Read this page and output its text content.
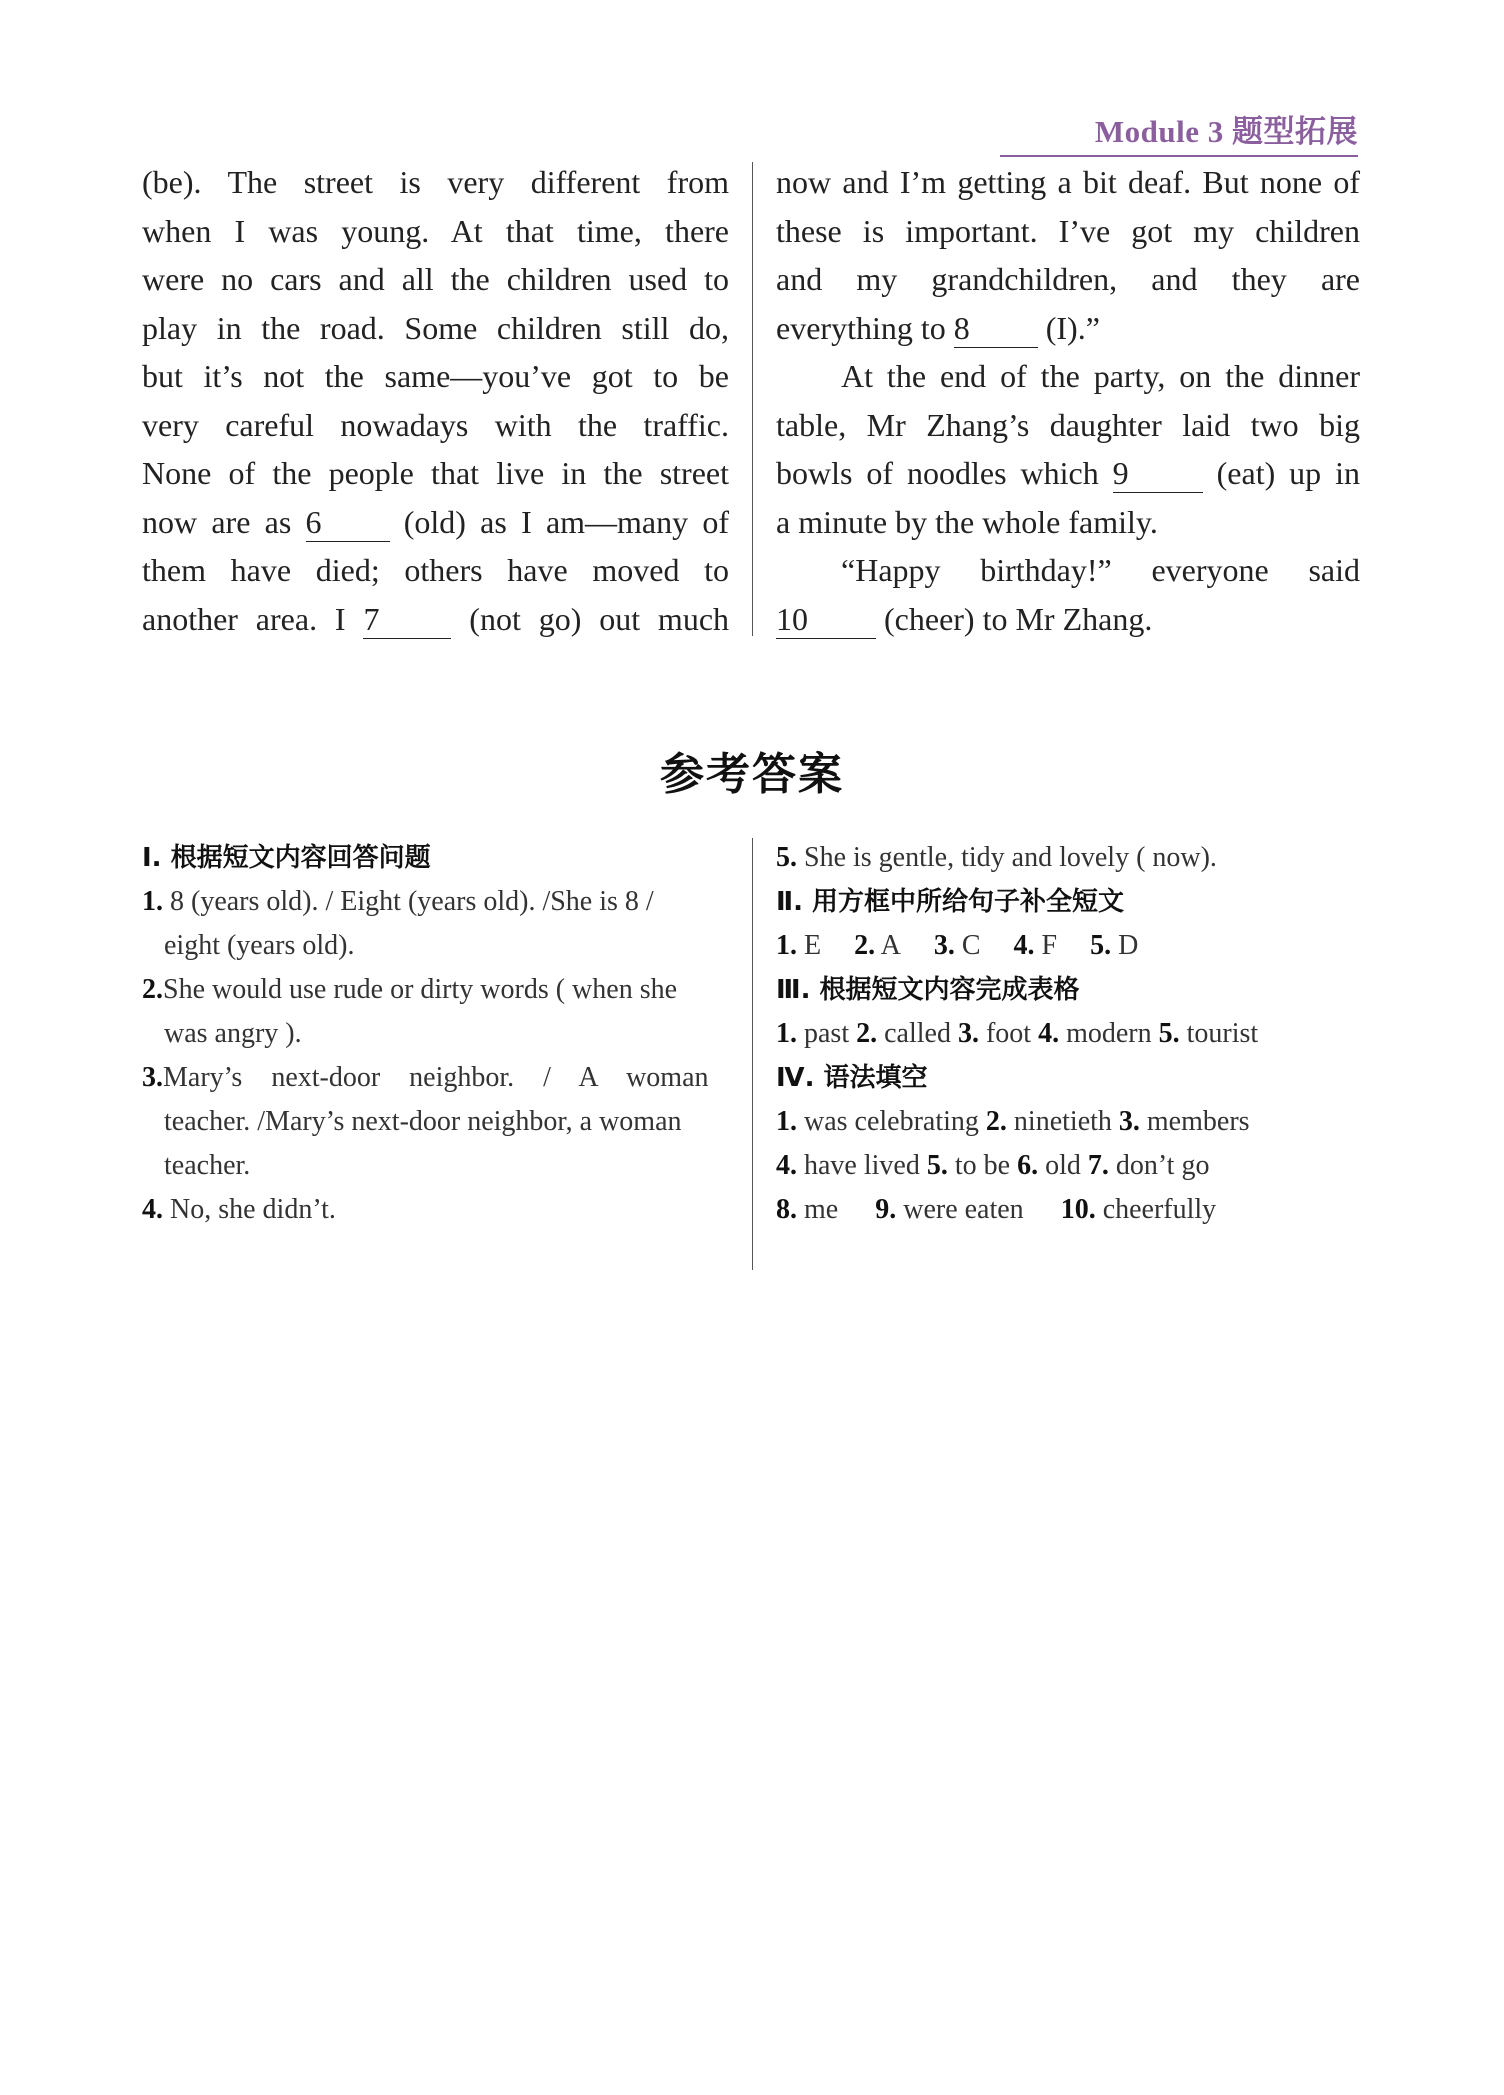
Module 3 题型拓展
(be). The street is very different from
when I was young. At that time, there
were no cars and all the children used to
play in the road. Some children still do,
but it’s not the same—you’ve got to be
very careful nowadays with the traffic.
None of the people that live in the street
now are as 6	(old) as I am—many of
them have died; others have moved to
another area. I 7	(not go) out much
now and I’m getting a bit deaf. But none of
these is important. I’ve got my children
and my grandchildren, and they are
everything to 8 (I).”
At the end of the party, on the dinner
table, Mr Zhang’s daughter laid two big
bowls of noodles which 9	(eat) up in
a minute by the whole family.
“Happy birthday!” everyone said
10 (cheer) to Mr Zhang.
参考答案
Ⅰ. 根据短文内容回答问题
1. 8 (years old). / Eight (years old). /She is 8 /
eight (years old).
2.She would use rude or dirty words ( when she
was angry ).
3.Mary’s next-door neighbor. / A woman
teacher. /Mary’s next-door neighbor, a woman
teacher.
4. No, she didn’t.
5. She is gentle, tidy and lovely ( now).
Ⅱ. 用方框中所给句子补全短文
1. E 2. A 3. C 4. F 5. D
Ⅲ. 根据短文内容完成表格
1. past 2. called 3. foot 4. modern 5. tourist
Ⅳ. 语法填空
1. was celebrating 2. ninetieth 3. members
4. have lived 5. to be 6. old 7. don’t go
8. me 9. were eaten 10. cheerfully
